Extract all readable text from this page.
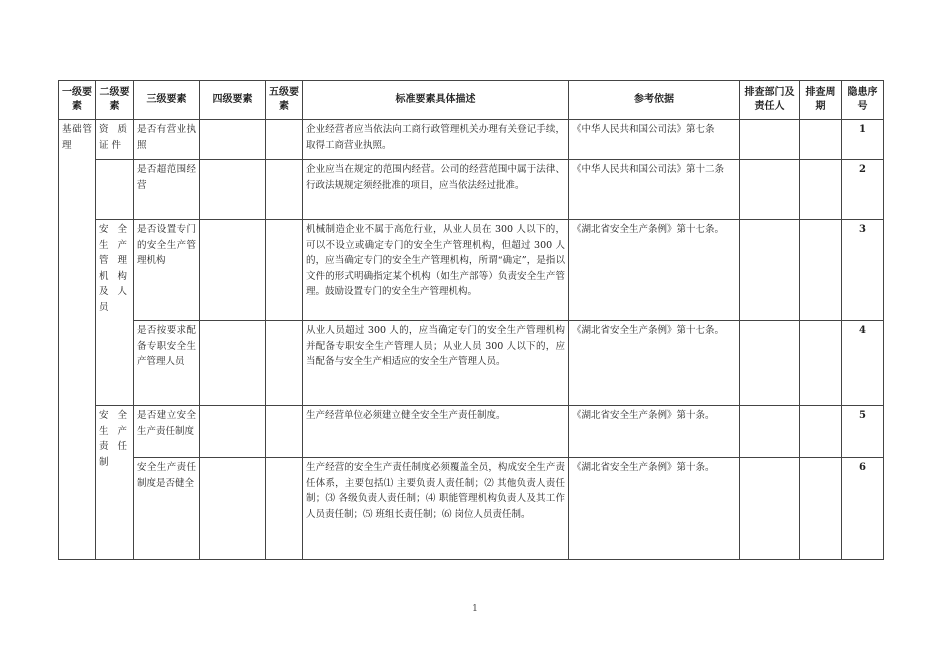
一级要素	二级要素	三级要素	四级要素	五级要素	标准要素具体描述	参考依据	排查部门及责任人	排查周期	隐患序号
基础管理	资质证件	是否有营业执照			企业经营者应当依法向工商行政管理机关办理有关登记手续，取得工商营业执照。	《中华人民共和国公司法》第七条			1
		是否超范围经营			企业应当在规定的范围内经营。公司的经营范围中属于法律、行政法规规定须经批准的项目，应当依法经过批准。	《中华人民共和国公司法》第十二条			2
	安全生产管理机构及人员	是否设置专门的安全生产管理机构			机械制造企业不属于高危行业，从业人员在 300 人以下的，可以不设立或确定专门的安全生产管理机构，但超过 300 人的，应当确定专门的安全生产管理机构，所谓“确定”，是指以文件的形式明确指定某个机构（如生产部等）负责安全生产管理。鼓励设置专门的安全生产管理机构。	《湖北省安全生产条例》第十七条。			3
		是否按要求配备专职安全生产管理人员			从业人员超过 300 人的，应当确定专门的安全生产管理机构并配备专职安全生产管理人员；从业人员 300 人以下的，应当配备与安全生产相适应的安全生产管理人员。	《湖北省安全生产条例》第十七条。			4
	安全生产责任制	是否建立安全生产责任制度			生产经营单位必须建立健全安全生产责任制度。	《湖北省安全生产条例》第十条。			5
		安全生产责任制度是否健全			生产经营的安全生产责任制度必须覆盖全员，构成安全生产责任体系，主要包括⑴ 主要负责人责任制；⑵ 其他负责人责任制；⑶ 各级负责人责任制；⑷ 职能管理机构负责人及其工作人员责任制；⑸ 班组长责任制；⑹ 岗位人员责任制。	《湖北省安全生产条例》第十条。			6
1
